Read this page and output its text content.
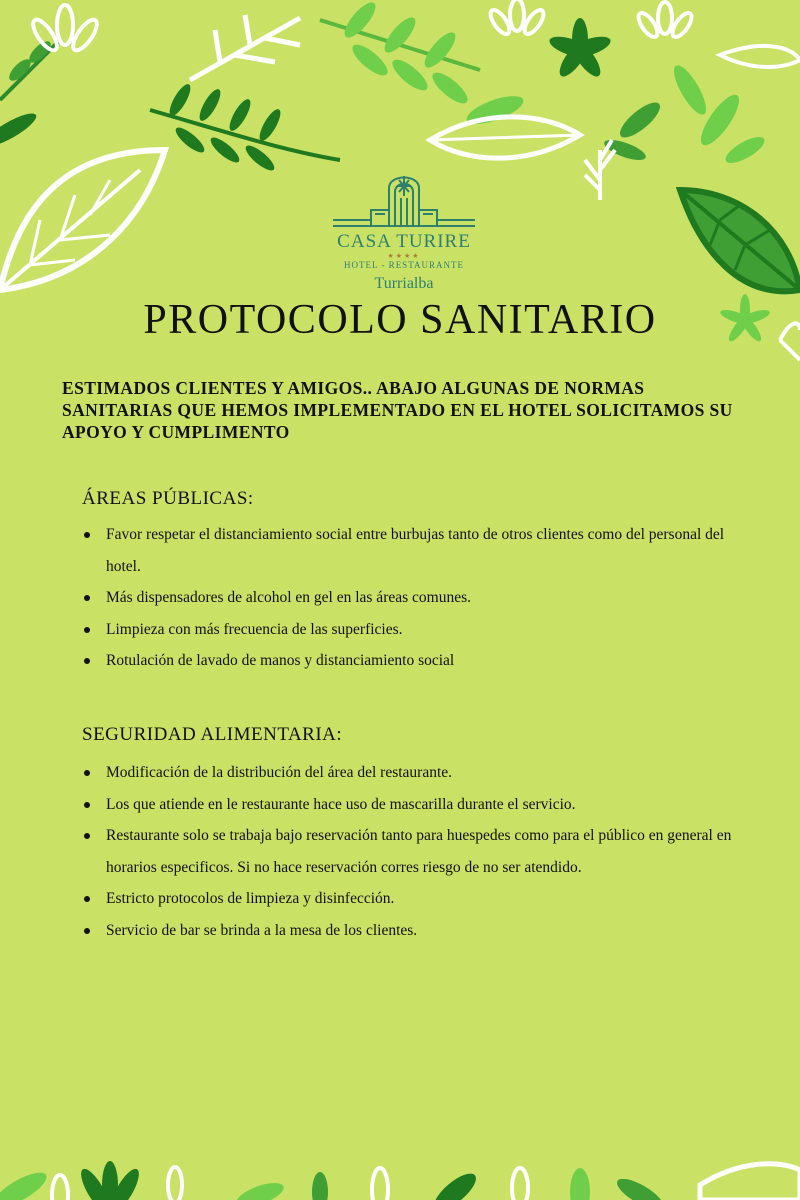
CASA TURIRE
★★★★
HOTEL - RESTAURANTE
Turrialba
PROTOCOLO SANITARIO

ESTIMADOS CLIENTES Y AMIGOS.. ABAJO ALGUNAS DE NORMAS SANITARIAS QUE HEMOS IMPLEMENTADO EN EL HOTEL SOLICITAMOS SU APOYO Y CUMPLIMENTO

ÁREAS PÚBLICAS:
Favor respetar el distanciamiento social entre burbujas tanto de otros clientes como del personal del hotel.
Más dispensadores de alcohol en gel en las áreas comunes.
Limpieza con más frecuencia de las superficies.
Rotulación de lavado de manos y distanciamiento social
SEGURIDAD ALIMENTARIA:
Modificación de la distribución del área del restaurante.
Los que atiende en le restaurante hace uso de mascarilla durante el servicio.
Restaurante solo se trabaja bajo reservación tanto para huespedes como para el público en general en horarios especificos. Si no hace reservación corres riesgo de no ser atendido.
Estricto protocolos de limpieza y disinfección.
Servicio de bar se brinda a la mesa de los clientes.
